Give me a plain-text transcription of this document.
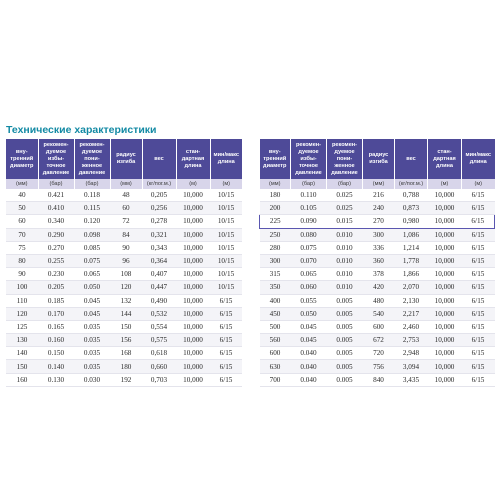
Технические характеристики
вну-тренний диаметр	рекомен-дуемое избы-точное давление	рекомен-дуемое пони-женное давление	радиус изгиба	вес	стан-дартная длина	мин/макс длина
(мм)	(бар)	(бар)	(мм)	(кг/пог.м.)	(м)	(м)
40	0.421	0.118	48	0,205	10,000	10/15
50	0.410	0.115	60	0,256	10,000	10/15
60	0.340	0.120	72	0,278	10,000	10/15
70	0.290	0.098	84	0,321	10,000	10/15
75	0.270	0.085	90	0,343	10,000	10/15
80	0.255	0.075	96	0,364	10,000	10/15
90	0.230	0.065	108	0,407	10,000	10/15
100	0.205	0.050	120	0,447	10,000	10/15
110	0.185	0.045	132	0,490	10,000	6/15
120	0.170	0.045	144	0,532	10,000	6/15
125	0.165	0.035	150	0,554	10,000	6/15
130	0.160	0.035	156	0,575	10,000	6/15
140	0.150	0.035	168	0,618	10,000	6/15
150	0.140	0.035	180	0,660	10,000	6/15
160	0.130	0.030	192	0,703	10,000	6/15
вну-тренний диаметр	рекомен-дуемое избы-точное давление	рекомен-дуемое пони-женное давление	радиус изгиба	вес	стан-дартная длина	мин/макс длина
(мм)	(бар)	(бар)	(мм)	(кг/пог.м.)	(м)	(м)
180	0.110	0.025	216	0,788	10,000	6/15
200	0.105	0.025	240	0,873	10,000	6/15
225	0.090	0.015	270	0,980	10,000	6/15
250	0.080	0.010	300	1,086	10,000	6/15
280	0.075	0.010	336	1,214	10,000	6/15
300	0.070	0.010	360	1,778	10,000	6/15
315	0.065	0.010	378	1,866	10,000	6/15
350	0.060	0.010	420	2,070	10,000	6/15
400	0.055	0.005	480	2,130	10,000	6/15
450	0.050	0.005	540	2,217	10,000	6/15
500	0.045	0.005	600	2,460	10,000	6/15
560	0.045	0.005	672	2,753	10,000	6/15
600	0.040	0.005	720	2,948	10,000	6/15
630	0.040	0.005	756	3,094	10,000	6/15
700	0.040	0.005	840	3,435	10,000	6/15
